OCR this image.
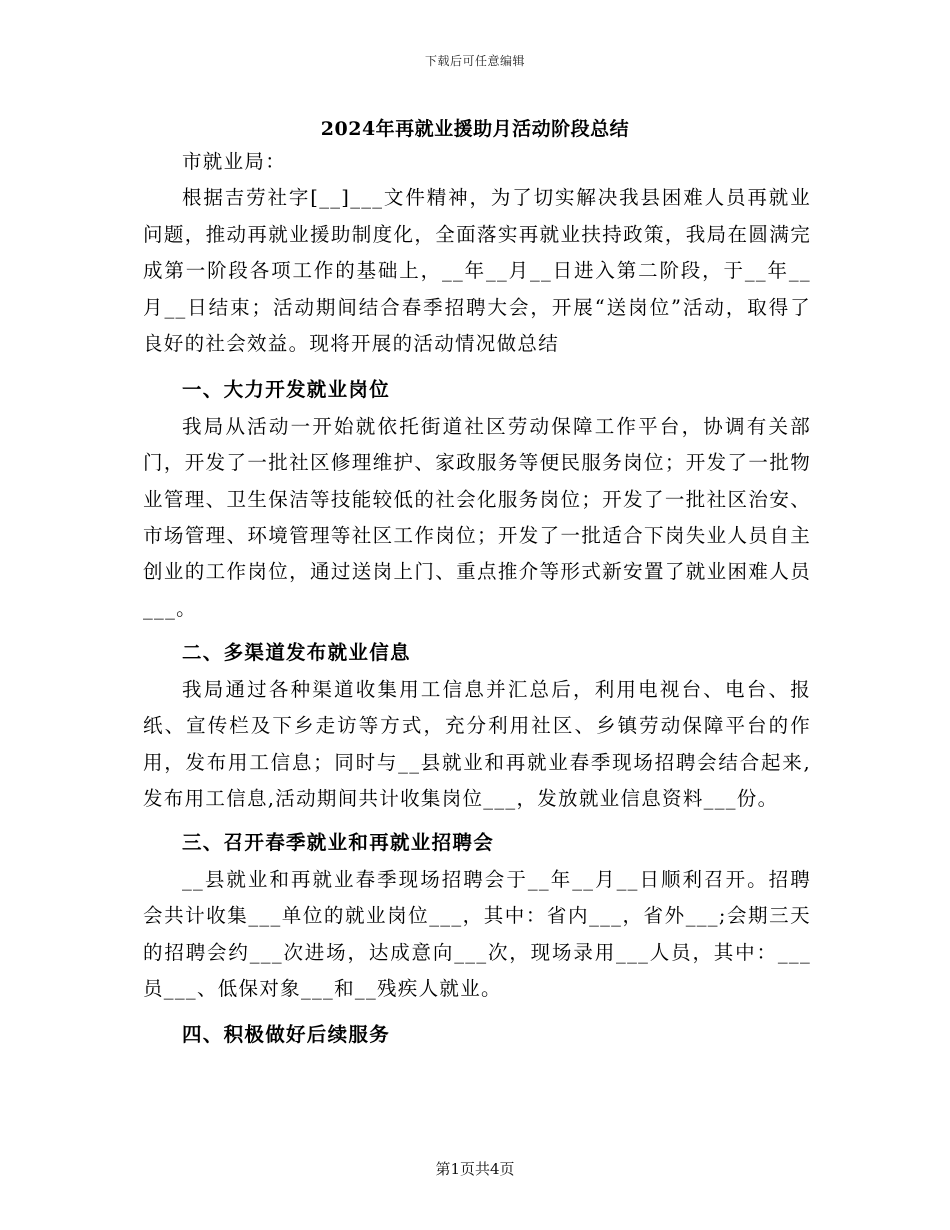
下载后可任意编辑
2024年再就业援助月活动阶段总结

市就业局：

根据吉劳社字[__]___文件精神，为了切实解决我县困难人员再就业问题，推动再就业援助制度化，全面落实再就业扶持政策，我局在圆满完成第一阶段各项工作的基础上，__年__月__日进入第二阶段，于__年__月__日结束；活动期间结合春季招聘大会，开展“送岗位”活动，取得了良好的社会效益。现将开展的活动情况做总结

一、大力开发就业岗位

我局从活动一开始就依托街道社区劳动保障工作平台，协调有关部门，开发了一批社区修理维护、家政服务等便民服务岗位；开发了一批物业管理、卫生保洁等技能较低的社会化服务岗位；开发了一批社区治安、市场管理、环境管理等社区工作岗位；开发了一批适合下岗失业人员自主创业的工作岗位，通过送岗上门、重点推介等形式新安置了就业困难人员___。

二、多渠道发布就业信息

我局通过各种渠道收集用工信息并汇总后，利用电视台、电台、报纸、宣传栏及下乡走访等方式，充分利用社区、乡镇劳动保障平台的作用，发布用工信息；同时与__县就业和再就业春季现场招聘会结合起来,发布用工信息,活动期间共计收集岗位___，发放就业信息资料___份。

三、召开春季就业和再就业招聘会

__县就业和再就业春季现场招聘会于__年__月__日顺利召开。招聘会共计收集___单位的就业岗位___，其中：省内___，省外___;会期三天的招聘会约___次进场，达成意向___次，现场录用___人员，其中：___员___、低保对象___和__残疾人就业。

四、积极做好后续服务
第1页共4页
